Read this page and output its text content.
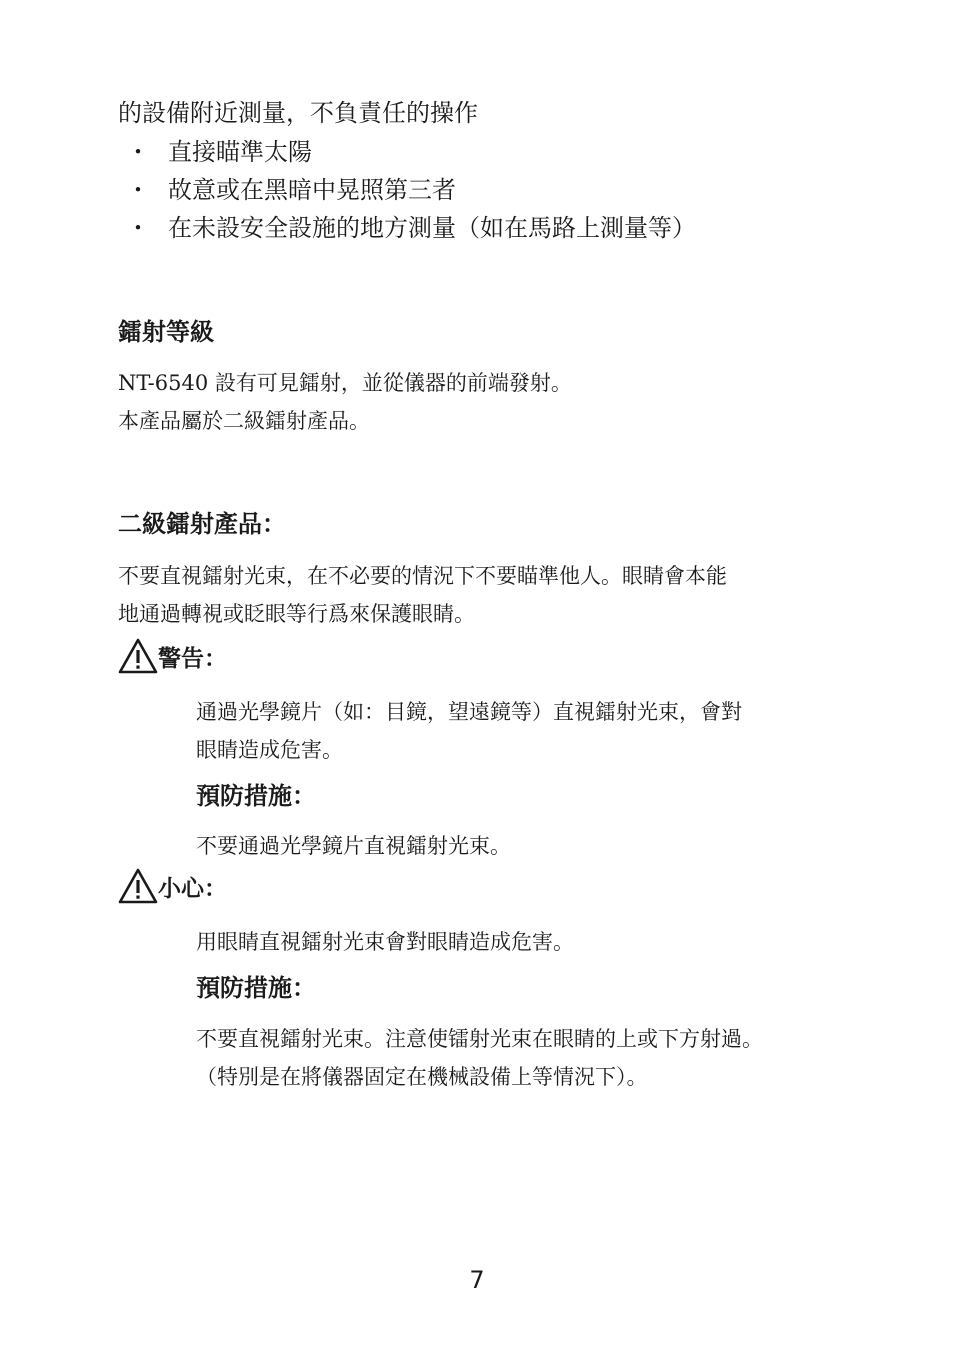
的設備附近測量，不負責任的操作
・ 直接瞄準太陽
・ 故意或在黑暗中晃照第三者
・ 在未設安全設施的地方測量（如在馬路上測量等）
鐳射等級
NT-6540 設有可見鐳射，並從儀器的前端發射。
本產品屬於二級鐳射產品。
二級鐳射產品：
不要直視鐳射光束，在不必要的情況下不要瞄準他人。眼睛會本能
地通過轉視或眨眼等行爲來保護眼睛。
警告：
通過光學鏡片（如：目鏡，望遠鏡等）直視鐳射光束，會對
眼睛造成危害。
預防措施：
不要通過光學鏡片直視鐳射光束。
小心：
用眼睛直視鐳射光束會對眼睛造成危害。
預防措施：
不要直視鐳射光束。注意使镭射光束在眼睛的上或下方射過。
（特別是在將儀器固定在機械設備上等情況下）。
7
